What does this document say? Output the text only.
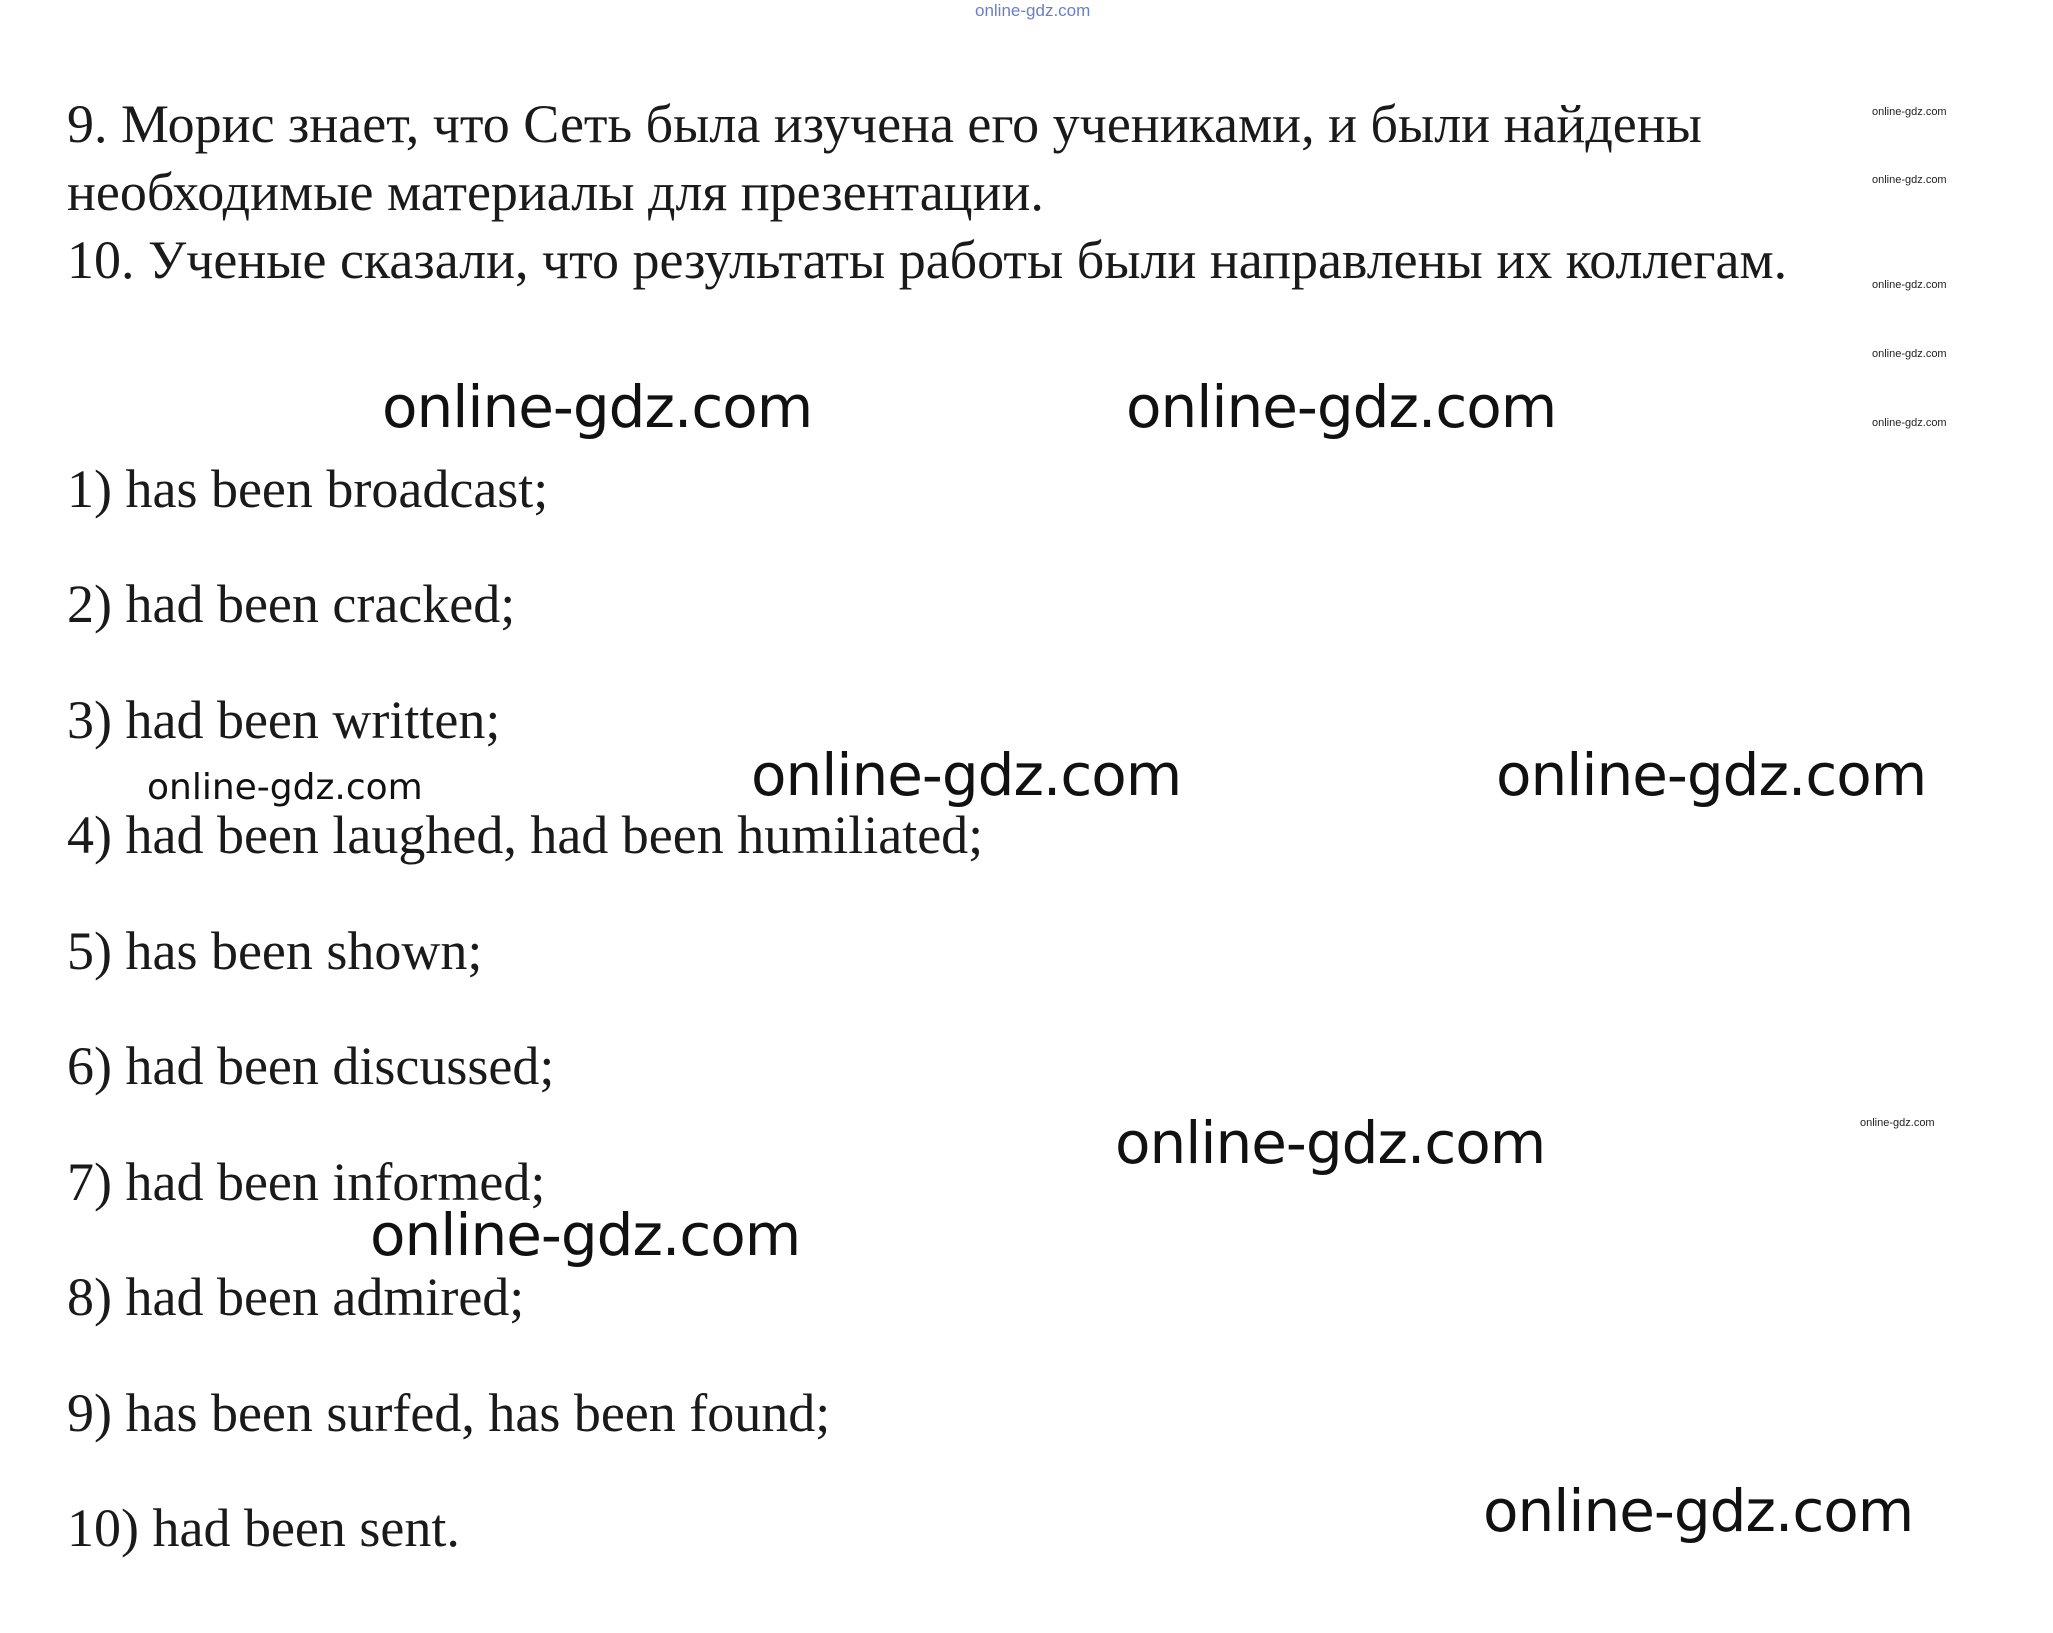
online-gdz.com
9. Морис знает, что Сеть была изучена его учениками, и были найдены
необходимые материалы для презентации.
10. Ученые сказали, что результаты работы были направлены их коллегам.
1) has been broadcast;
2) had been cracked;
3) had been written;
4) had been laughed, had been humiliated;
5) has been shown;
6) had been discussed;
7) had been informed;
8) had been admired;
9) has been surfed, has been found;
10) had been sent.
online-gdz.com	online-gdz.com
online-gdz.com	online-gdz.com
online-gdz.com
online-gdz.com
online-gdz.com
online-gdz.com
online-gdz.com
online-gdz.com
online-gdz.com
online-gdz.com
online-gdz.com
online-gdz.com
